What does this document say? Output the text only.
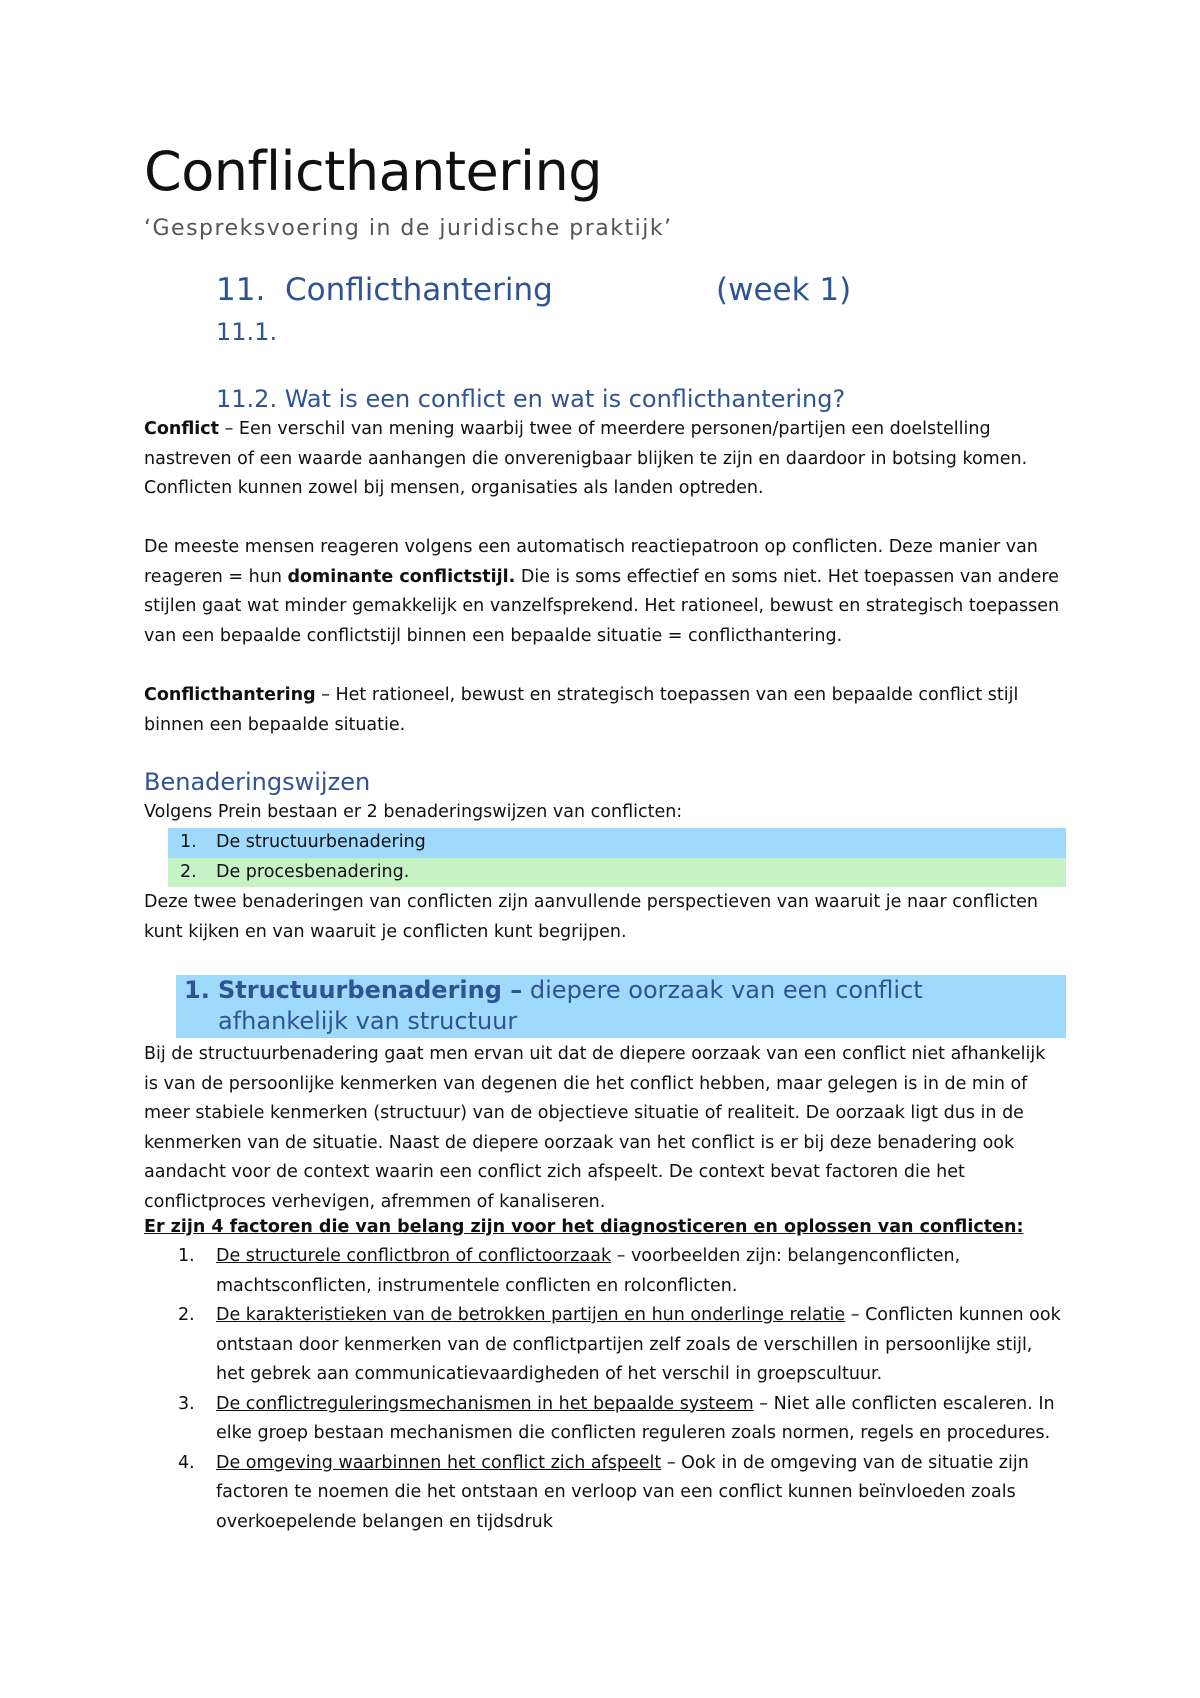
Conflicthantering
‘Gespreksvoering in de juridische praktijk’
11.  Conflicthantering	(week 1)
11.1.
11.2. Wat is een conflict en wat is conflicthantering?
Conflict – Een verschil van mening waarbij twee of meerdere personen/partijen een doelstelling nastreven of een waarde aanhangen die onverenigbaar blijken te zijn en daardoor in botsing komen. Conflicten kunnen zowel bij mensen, organisaties als landen optreden.
De meeste mensen reageren volgens een automatisch reactiepatroon op conflicten. Deze manier van reageren = hun dominante conflictstijl. Die is soms effectief en soms niet. Het toepassen van andere stijlen gaat wat minder gemakkelijk en vanzelfsprekend. Het rationeel, bewust en strategisch toepassen van een bepaalde conflictstijl binnen een bepaalde situatie = conflicthantering.
Conflicthantering – Het rationeel, bewust en strategisch toepassen van een bepaalde conflict stijl binnen een bepaalde situatie.
Benaderingswijzen
Volgens Prein bestaan er 2 benaderingswijzen van conflicten:
1.	De structuurbenadering
2.	De procesbenadering.
Deze twee benaderingen van conflicten zijn aanvullende perspectieven van waaruit je naar conflicten kunt kijken en van waaruit je conflicten kunt begrijpen.
1. Structuurbenadering – diepere oorzaak van een conflict afhankelijk van structuur
Bij de structuurbenadering gaat men ervan uit dat de diepere oorzaak van een conflict niet afhankelijk is van de persoonlijke kenmerken van degenen die het conflict hebben, maar gelegen is in de min of meer stabiele kenmerken (structuur) van de objectieve situatie of realiteit. De oorzaak ligt dus in de kenmerken van de situatie. Naast de diepere oorzaak van het conflict is er bij deze benadering ook aandacht voor de context waarin een conflict zich afspeelt. De context bevat factoren die het conflictproces verhevigen, afremmen of kanaliseren.
Er zijn 4 factoren die van belang zijn voor het diagnosticeren en oplossen van conflicten:
1. De structurele conflictbron of conflictoorzaak – voorbeelden zijn: belangenconflicten, machtsconflicten, instrumentele conflicten en rolconflicten.
2. De karakteristieken van de betrokken partijen en hun onderlinge relatie – Conflicten kunnen ook ontstaan door kenmerken van de conflictpartijen zelf zoals de verschillen in persoonlijke stijl, het gebrek aan communicatievaardigheden of het verschil in groepscultuur.
3. De conflictreguleringsmechanismen in het bepaalde systeem – Niet alle conflicten escaleren. In elke groep bestaan mechanismen die conflicten reguleren zoals normen, regels en procedures.
4. De omgeving waarbinnen het conflict zich afspeelt – Ook in de omgeving van de situatie zijn factoren te noemen die het ontstaan en verloop van een conflict kunnen beïnvloeden zoals overkoepelende belangen en tijdsdruk
